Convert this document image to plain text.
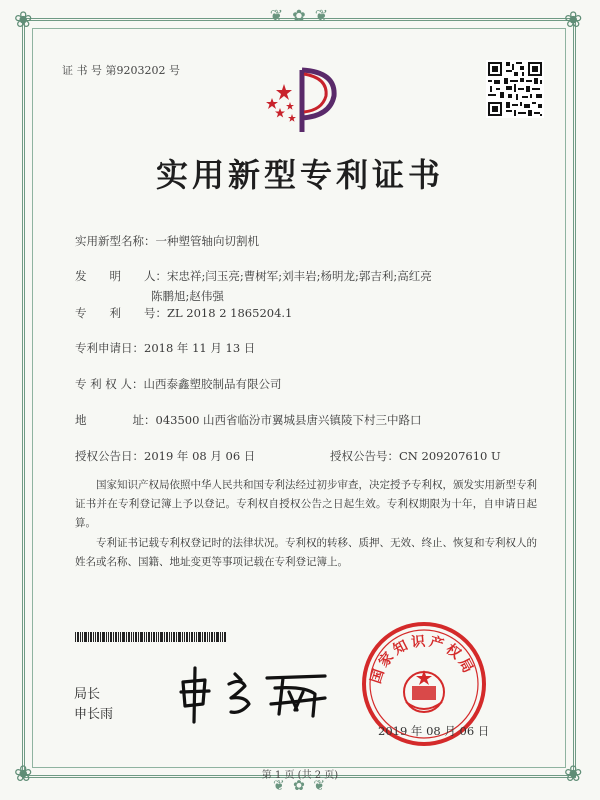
❦ ✿ ❦
❦ ✿ ❦
❀	❀
❀	❀
证 书 号 第9203202 号
实用新型专利证书
实用新型名称：一种塑管轴向切割机
发　　明　　人：宋忠祥;闫玉亮;曹树军;刘丰岩;杨明龙;郭吉利;高红亮
陈鹏旭;赵伟强
专　　利　　号：ZL 2018 2 1865204.1
专利申请日：2018 年 11 月 13 日
专 利 权 人：山西泰鑫塑胶制品有限公司
地　　　　址：043500 山西省临汾市翼城县唐兴镇陵下村三中路口
授权公告日：2019 年 08 月 06 日	授权公告号：CN 209207610 U
　　国家知识产权局依照中华人民共和国专利法经过初步审查，决定授予专利权，颁发实用新型专利证书并在专利登记簿上予以登记。专利权自授权公告之日起生效。专利权期限为十年，自申请日起算。
　　专利证书记载专利权登记时的法律状况。专利权的转移、质押、无效、终止、恢复和专利权人的姓名或名称、国籍、地址变更等事项记载在专利登记簿上。
局长
申长雨
国家知识产权局
2019 年 08 月 06 日
第 1 页 (共 2 页)
